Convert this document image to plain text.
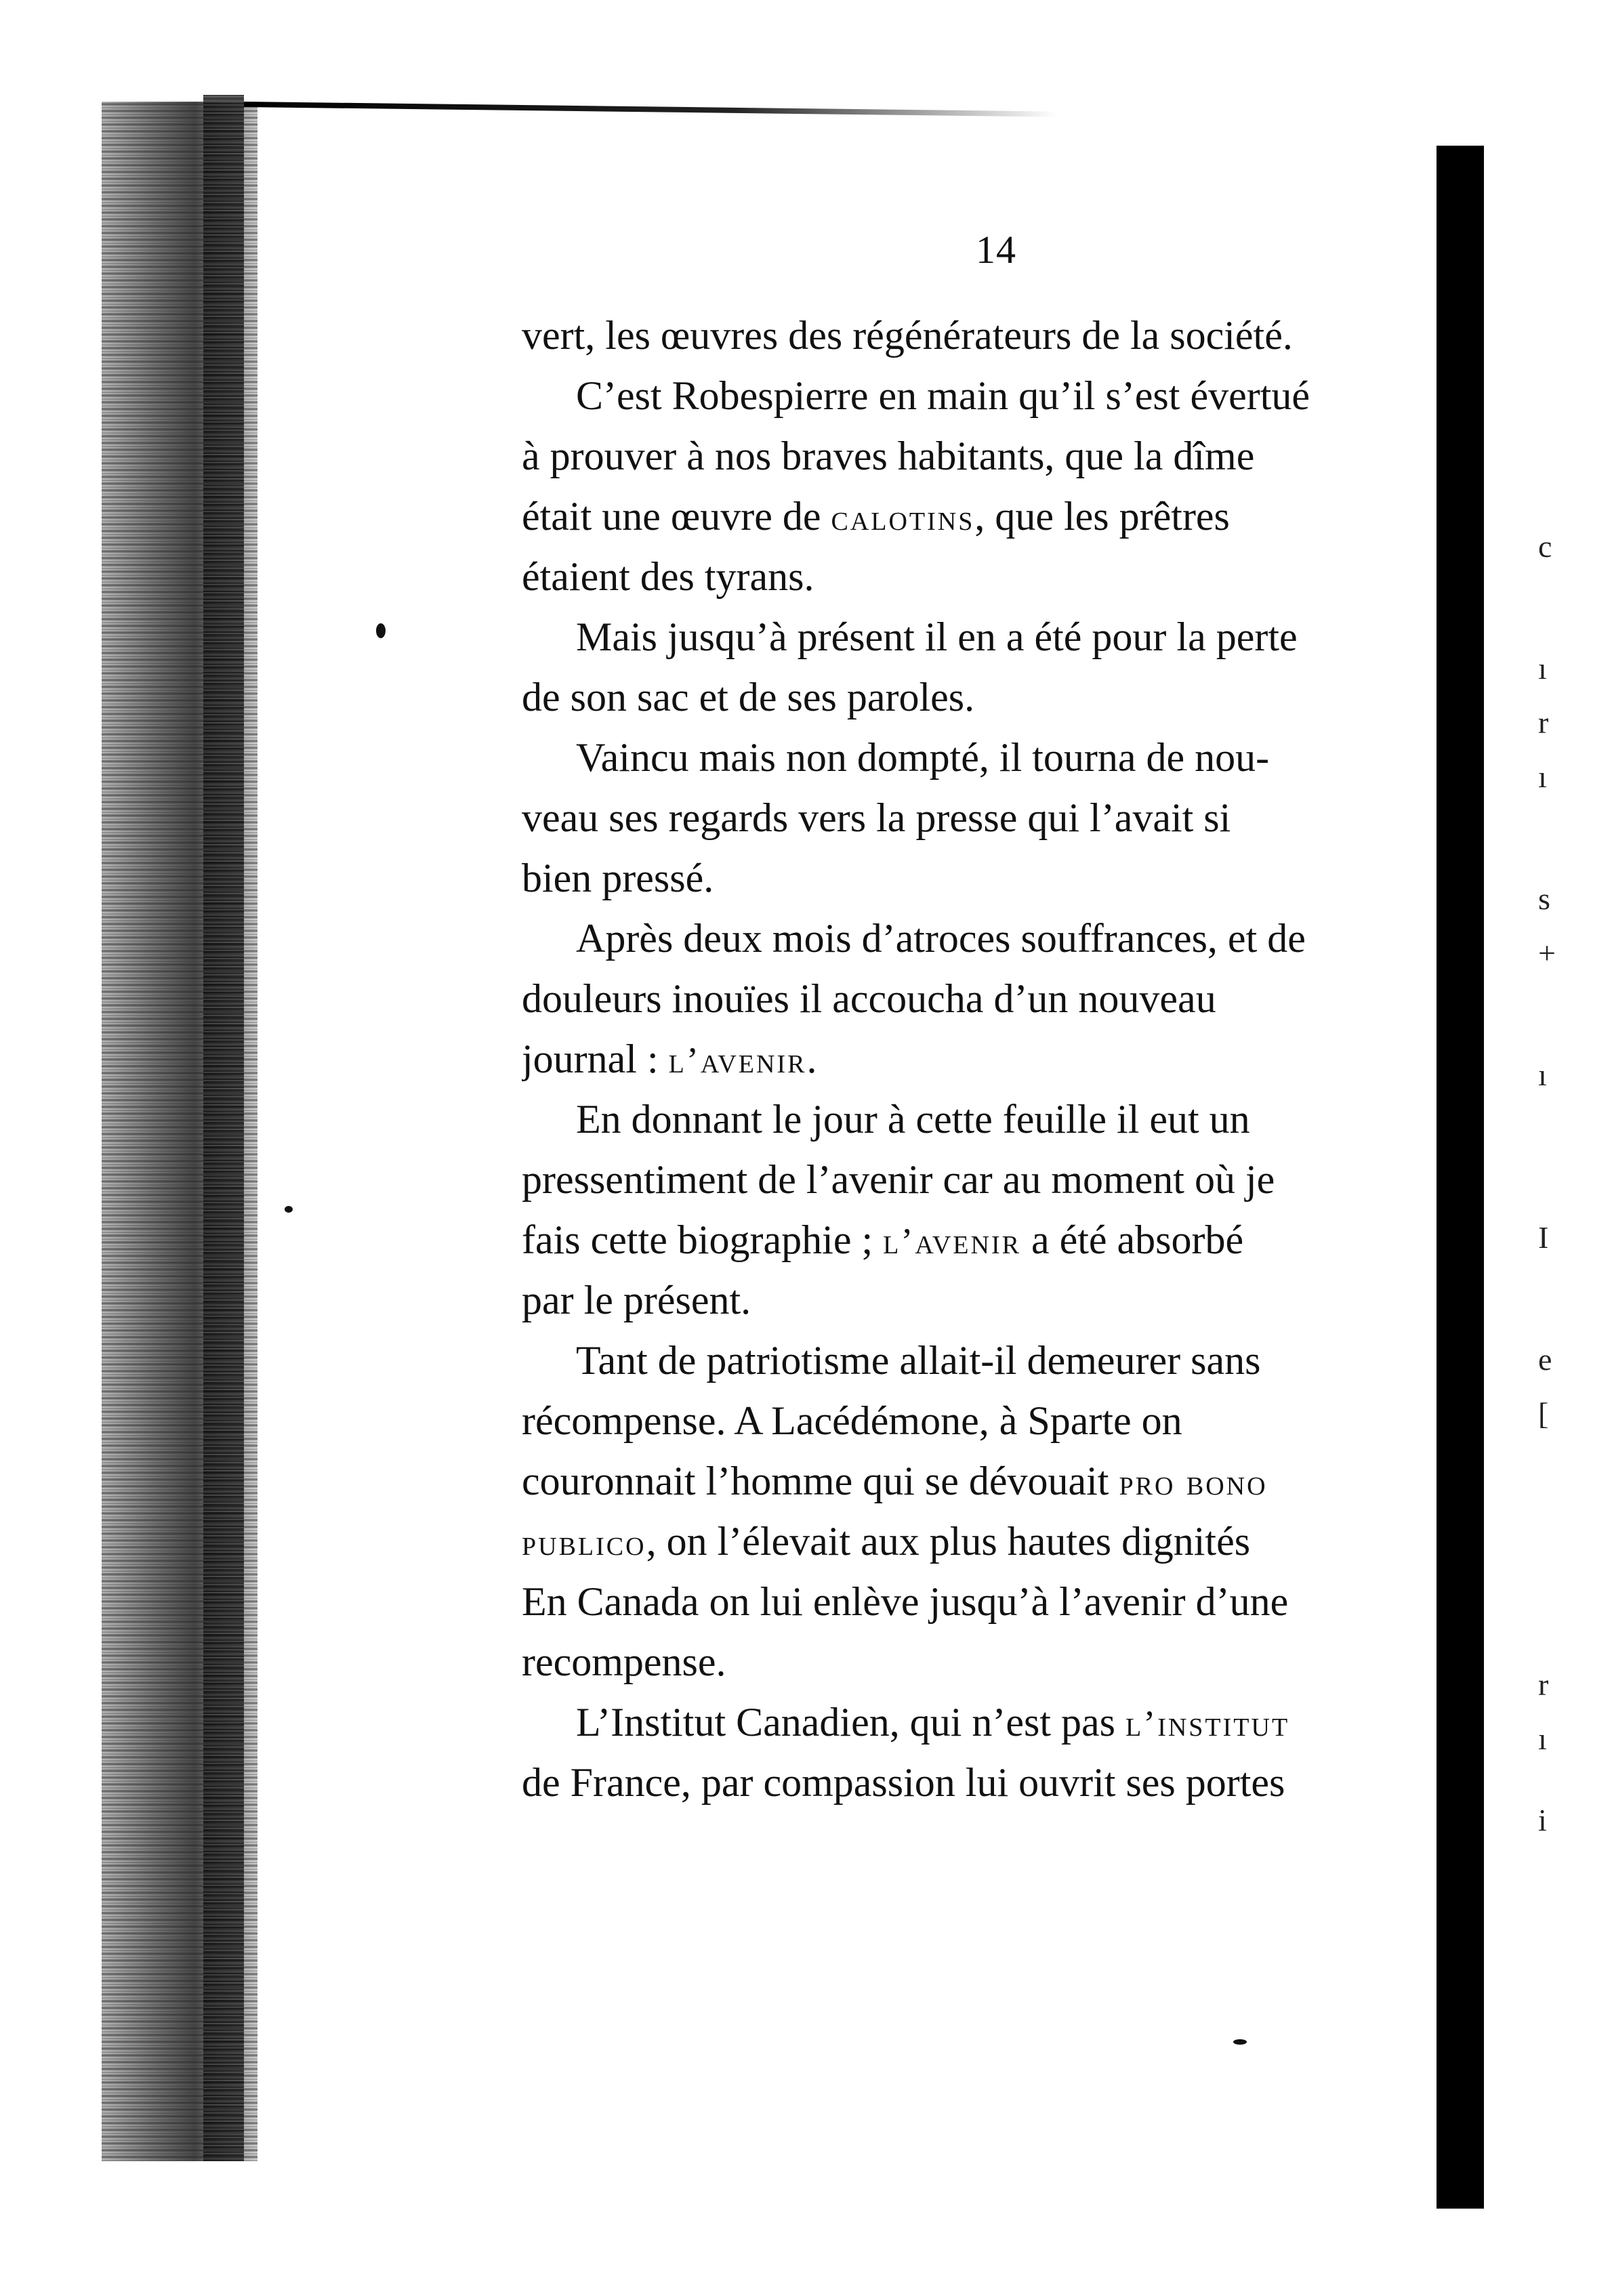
c
ı
r
ı
s
+
ı
I
e
[
r
ı
i
14
vert, les œuvres des régénérateurs de la société.
C’est Robespierre en main qu’il s’est évertué
à prouver à nos braves habitants, que la dîme
était une œuvre de calotins, que les prêtres
étaient des tyrans.
Mais jusqu’à présent il en a été pour la perte
de son sac et de ses paroles.
Vaincu mais non dompté, il tourna de nou-
veau ses regards vers la presse qui l’avait si
bien pressé.
Après deux mois d’atroces souffrances, et de
douleurs inouïes il accoucha d’un nouveau
journal : l’avenir.
En donnant le jour à cette feuille il eut un
pressentiment de l’avenir car au moment où je
fais cette biographie ; l’avenir a été absorbé
par le présent.
Tant de patriotisme allait-il demeurer sans
récompense. A Lacédémone, à Sparte on
couronnait l’homme qui se dévouait pro bono
publico, on l’élevait aux plus hautes dignités
En Canada on lui enlève jusqu’à l’avenir d’une
recompense.
L’Institut Canadien, qui n’est pas l’institut
de France, par compassion lui ouvrit ses portes
